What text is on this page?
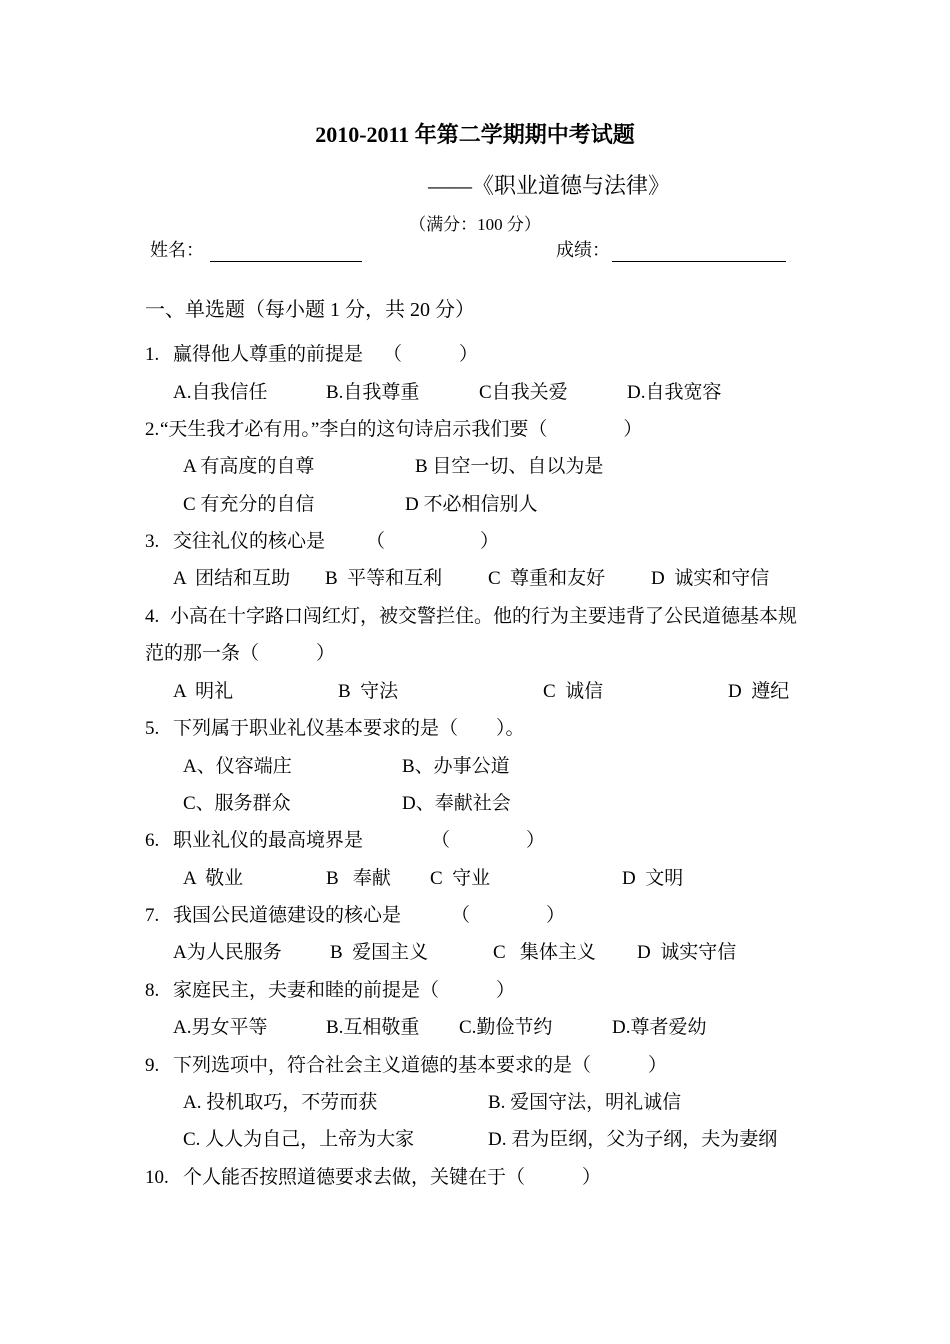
2010-2011 年第二学期期中考试题
——《职业道德与法律》
（满分：100 分）
姓名：	成绩：
一、单选题（每小题 1 分，共 20 分）
1. 赢得他人尊重的前提是 （　　　）
A.自我信任	B.自我尊重	C自我关爱	D.自我宽容
2. “天生我才必有用。”李白的这句诗启示我们要（　　　　）
A 有高度的自尊	B 目空一切、自以为是
C 有充分的自信	D 不必相信别人
3. 交往礼仪的核心是 （　　　　　）
A  团结和互助 B  平等和互利 C  尊重和友好 D  诚实和守信
4. 小高在十字路口闯红灯，被交警拦住。他的行为主要违背了公民道德基本规
范的那一条（　　　）
A  明礼	B  守法	C  诚信	D  遵纪
5. 下列属于职业礼仪基本要求的是（　　）。
A、仪容端庄	B、办事公道
C、服务群众	D、奉献社会
6. 职业礼仪的最高境界是	（　　　　）
A  敬业	B   奉献 C  守业	D  文明
7. 我国公民道德建设的核心是	（　　　　）
A为人民服务	B  爱国主义	C   集体主义 D  诚实守信
8. 家庭民主，夫妻和睦的前提是（　　　）
A.男女平等	B.互相敬重 C.勤俭节约	D.尊者爱幼
9. 下列选项中，符合社会主义道德的基本要求的是（　　　）
A. 投机取巧，不劳而获	B. 爱国守法，明礼诚信
C. 人人为自己，上帝为大家	D. 君为臣纲，父为子纲，夫为妻纲
10. 个人能否按照道德要求去做，关键在于（　　　）
